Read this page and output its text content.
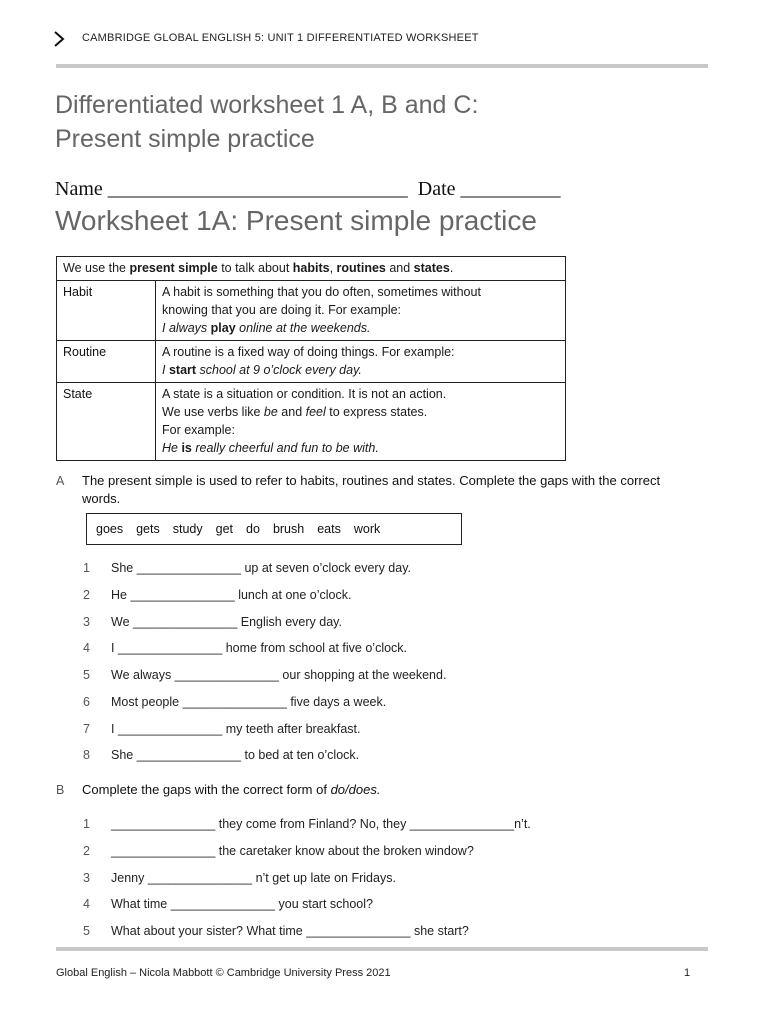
CAMBRIDGE GLOBAL ENGLISH 5: UNIT 1 DIFFERENTIATED WORKSHEET
Differentiated worksheet 1 A, B and C:
Present simple practice
Name ______________________________  Date __________
Worksheet 1A: Present simple practice
We use the present simple to talk about habits, routines and states.	
Habit	A habit is something that you do often, sometimes without
knowing that you are doing it. For example:
I always play online at the weekends.

Routine	A routine is a fixed way of doing things. For example:
I start school at 9 o’clock every day.

State	A state is a situation or condition. It is not an action.
We use verbs like be and feel to express states.
For example:
He is really cheerful and fun to be with.
A The present simple is used to refer to habits, routines and states. Complete the gaps with the correct
words.
goes gets study get do brush eats work
1 She _______________ up at seven o’clock every day.
2 He _______________ lunch at one o’clock.
3 We _______________ English every day.
4 I _______________ home from school at five o’clock.
5 We always _______________ our shopping at the weekend.
6 Most people _______________ five days a week.
7 I _______________ my teeth after breakfast.
8 She _______________ to bed at ten o’clock.
B Complete the gaps with the correct form of do/does.
1 _______________ they come from Finland? No, they _______________n’t.
2 _______________ the caretaker know about the broken window?
3 Jenny _______________ n’t get up late on Fridays.
4 What time _______________ you start school?
5 What about your sister? What time _______________ she start?
Global English – Nicola Mabbott © Cambridge University Press 2021	1
